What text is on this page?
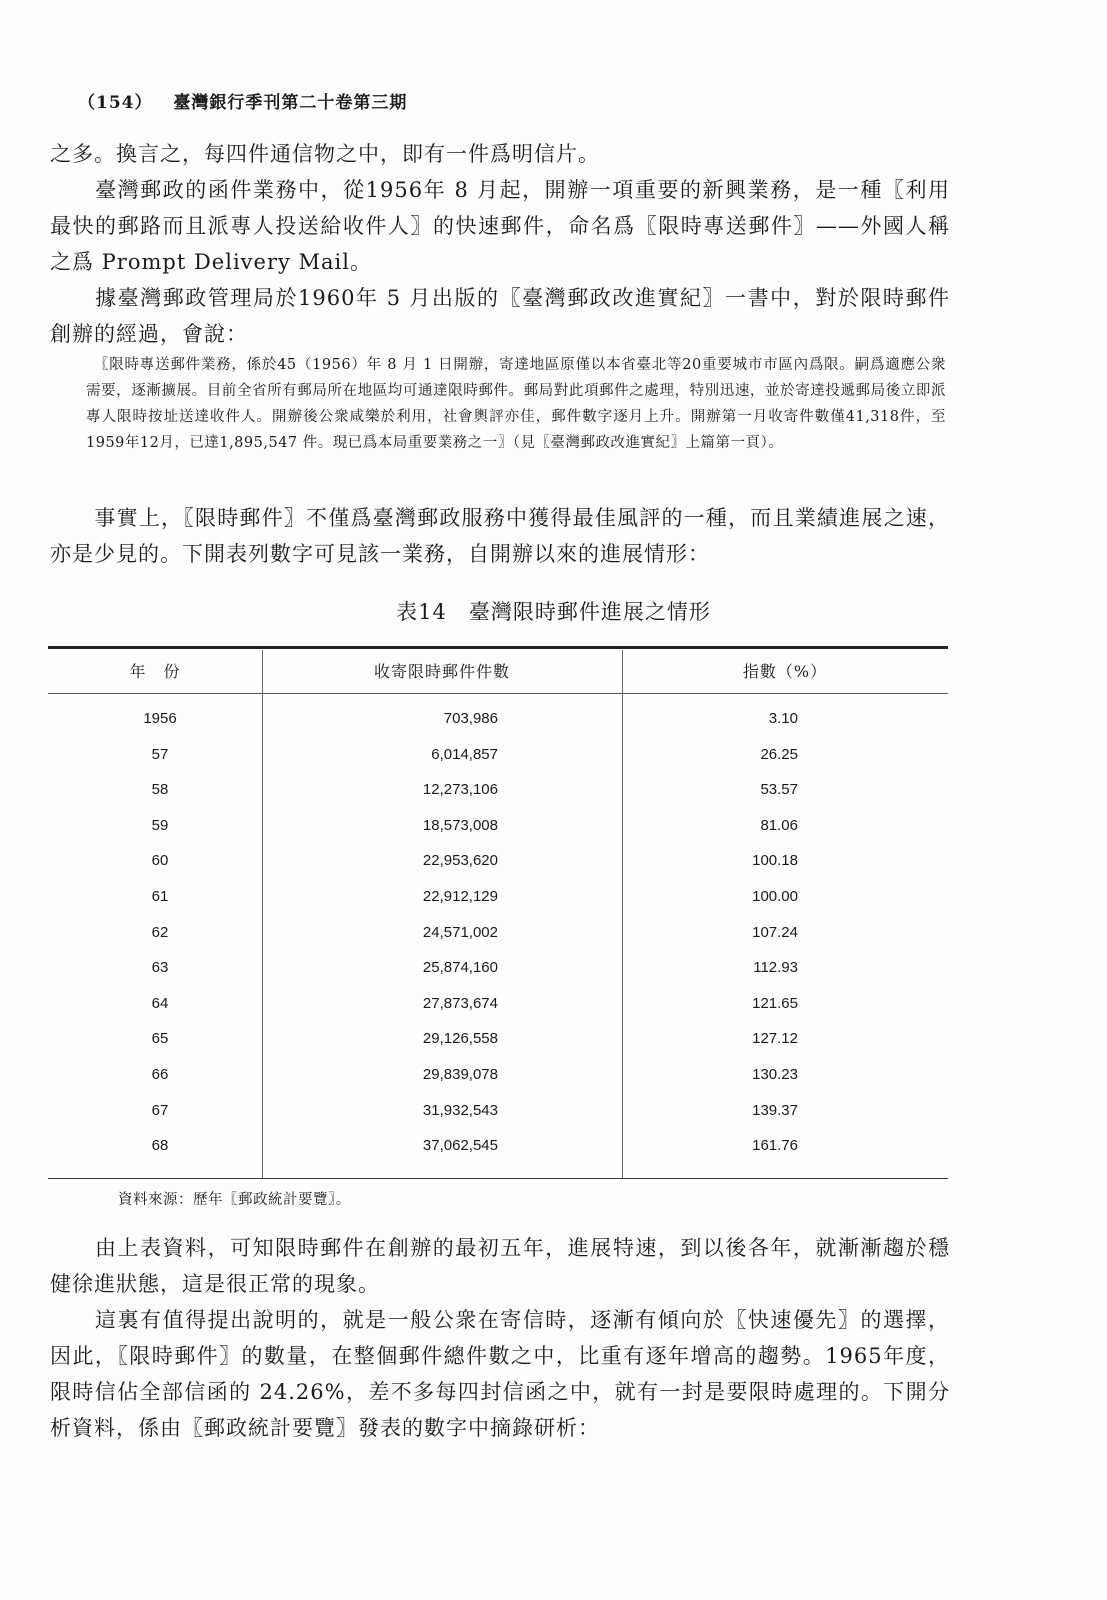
（154） 臺灣銀行季刊第二十卷第三期

之多。換言之，每四件通信物之中，即有一件爲明信片。

　　臺灣郵政的函件業務中，從1956年 8 月起，開辦一項重要的新興業務，是一種〖利用最快的郵路而且派專人投送給收件人〗的快速郵件，命名爲〖限時專送郵件〗——外國人稱之爲 Prompt Delivery Mail。

　　據臺灣郵政管理局於1960年 5 月出版的〖臺灣郵政改進實紀〗一書中，對於限時郵件創辦的經過，會說：

　〖限時專送郵件業務，係於45（1956）年 8 月 1 日開辦，寄達地區原僅以本省臺北等20重要城市市區內爲限。嗣爲適應公衆需要，逐漸擴展。目前全省所有郵局所在地區均可通達限時郵件。郵局對此項郵件之處理，特別迅速，並於寄達投遞郵局後立即派專人限時按址送達收件人。開辦後公衆咸樂於利用，社會輿評亦佳，郵件數字逐月上升。開辦第一月收寄件數僅41,318件，至1959年12月，已達1,895,547 件。現已爲本局重要業務之一〗（見〖臺灣郵政改進實紀〗上篇第一頁）。

　　事實上，〖限時郵件〗不僅爲臺灣郵政服務中獲得最佳風評的一種，而且業績進展之速，亦是少見的。下開表列數字可見該一業務，自開辦以來的進展情形：

表14　臺灣限時郵件進展之情形
年　份	收寄限時郵件件數	指數（%）
1956	703,986	3.10
57	6,014,857	26.25
58	12,273,106	53.57
59	18,573,008	81.06
60	22,953,620	100.18
61	22,912,129	100.00
62	24,571,002	107.24
63	25,874,160	112.93
64	27,873,674	121.65
65	29,126,558	127.12
66	29,839,078	130.23
67	31,932,543	139.37
68	37,062,545	161.76
資料來源：歷年〖郵政統計要覽〗。

　　由上表資料，可知限時郵件在創辦的最初五年，進展特速，到以後各年，就漸漸趨於穩健徐進狀態，這是很正常的現象。

　　這裏有值得提出說明的，就是一般公衆在寄信時，逐漸有傾向於〖快速優先〗的選擇，因此，〖限時郵件〗的數量，在整個郵件總件數之中，比重有逐年增高的趨勢。1965年度，限時信佔全部信函的 24.26%，差不多每四封信函之中，就有一封是要限時處理的。下開分析資料，係由〖郵政統計要覽〗發表的數字中摘錄研析：
